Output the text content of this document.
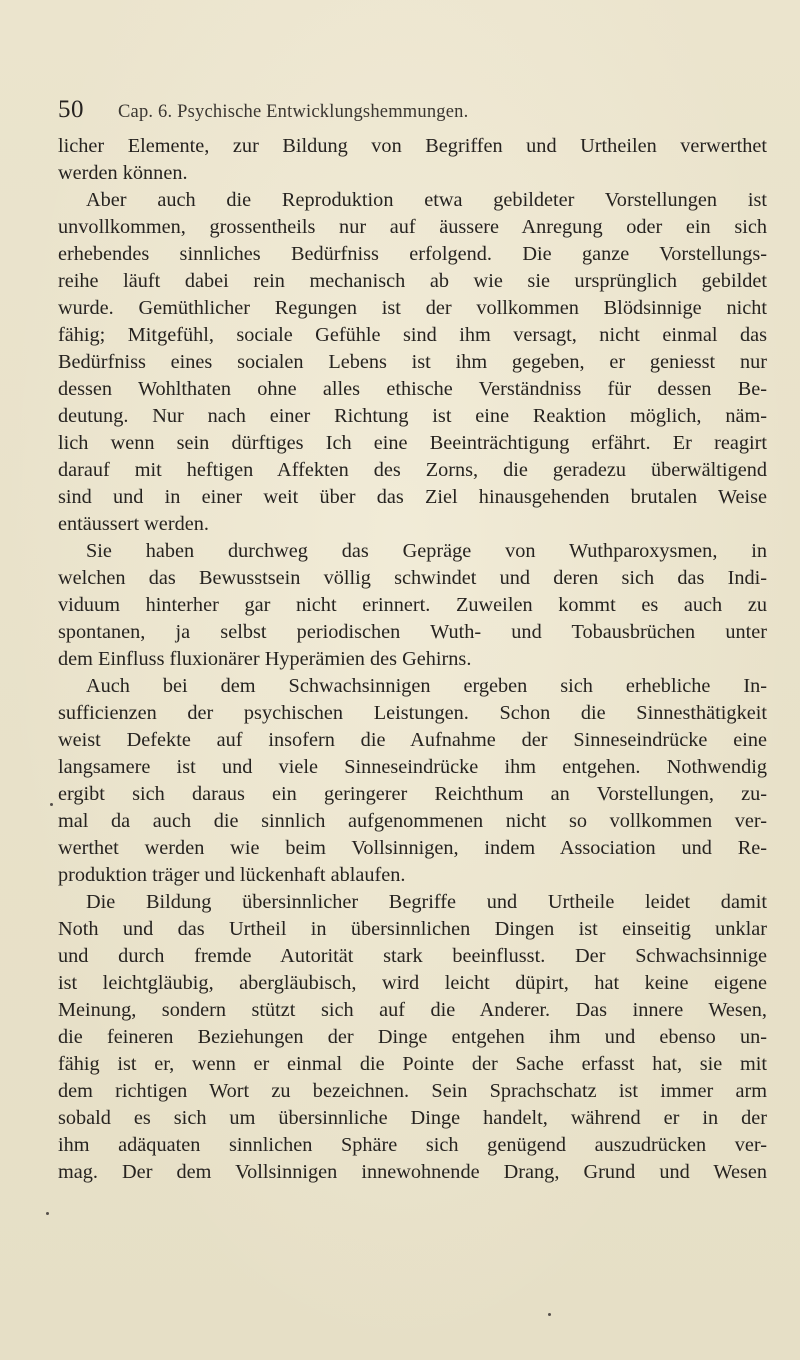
50	Cap. 6. Psychische Entwicklungshemmungen.
licher Elemente, zur Bildung von Begriffen und Urtheilen verwerthet
werden können.
Aber auch die Reproduktion etwa gebildeter Vorstellungen ist
unvollkommen, grossentheils nur auf äussere Anregung oder ein sich
erhebendes sinnliches Bedürfniss erfolgend. Die ganze Vorstellungs-
reihe läuft dabei rein mechanisch ab wie sie ursprünglich gebildet
wurde. Gemüthlicher Regungen ist der vollkommen Blödsinnige nicht
fähig; Mitgefühl, sociale Gefühle sind ihm versagt, nicht einmal das
Bedürfniss eines socialen Lebens ist ihm gegeben, er geniesst nur
dessen Wohlthaten ohne alles ethische Verständniss für dessen Be-
deutung. Nur nach einer Richtung ist eine Reaktion möglich, näm-
lich wenn sein dürftiges Ich eine Beeinträchtigung erfährt. Er reagirt
darauf mit heftigen Affekten des Zorns, die geradezu überwältigend
sind und in einer weit über das Ziel hinausgehenden brutalen Weise
entäussert werden.
Sie haben durchweg das Gepräge von Wuthparoxysmen, in
welchen das Bewusstsein völlig schwindet und deren sich das Indi-
viduum hinterher gar nicht erinnert. Zuweilen kommt es auch zu
spontanen, ja selbst periodischen Wuth- und Tobausbrüchen unter
dem Einfluss fluxionärer Hyperämien des Gehirns.
Auch bei dem Schwachsinnigen ergeben sich erhebliche In-
sufficienzen der psychischen Leistungen. Schon die Sinnesthätigkeit
weist Defekte auf insofern die Aufnahme der Sinneseindrücke eine
langsamere ist und viele Sinneseindrücke ihm entgehen. Nothwendig
ergibt sich daraus ein geringerer Reichthum an Vorstellungen, zu-
mal da auch die sinnlich aufgenommenen nicht so vollkommen ver-
werthet werden wie beim Vollsinnigen, indem Association und Re-
produktion träger und lückenhaft ablaufen.
Die Bildung übersinnlicher Begriffe und Urtheile leidet damit
Noth und das Urtheil in übersinnlichen Dingen ist einseitig unklar
und durch fremde Autorität stark beeinflusst. Der Schwachsinnige
ist leichtgläubig, abergläubisch, wird leicht düpirt, hat keine eigene
Meinung, sondern stützt sich auf die Anderer. Das innere Wesen,
die feineren Beziehungen der Dinge entgehen ihm und ebenso un-
fähig ist er, wenn er einmal die Pointe der Sache erfasst hat, sie mit
dem richtigen Wort zu bezeichnen. Sein Sprachschatz ist immer arm
sobald es sich um übersinnliche Dinge handelt, während er in der
ihm adäquaten sinnlichen Sphäre sich genügend auszudrücken ver-
mag. Der dem Vollsinnigen innewohnende Drang, Grund und Wesen
